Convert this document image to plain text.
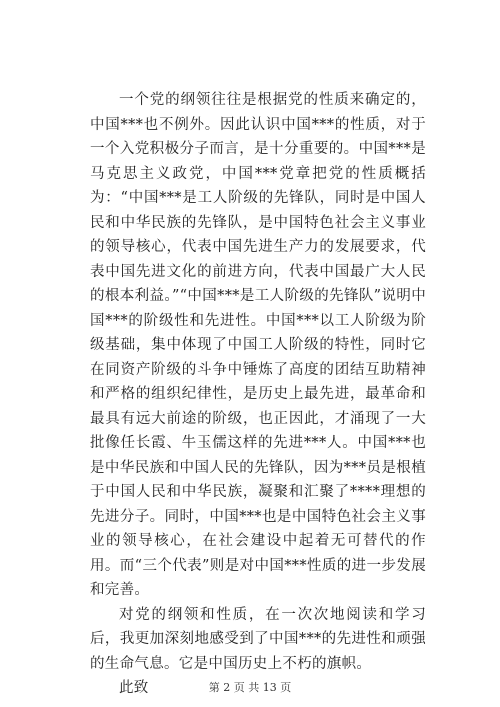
一个党的纲领往往是根据党的性质来确定的，中国***也不例外。因此认识中国***的性质，对于一个入党积极分子而言，是十分重要的。中国***是马克思主义政党，中国***党章把党的性质概括为：“中国***是工人阶级的先锋队，同时是中国人民和中华民族的先锋队，是中国特色社会主义事业的领导核心，代表中国先进生产力的发展要求，代表中国先进文化的前进方向，代表中国最广大人民的根本利益。”“中国***是工人阶级的先锋队”说明中国***的阶级性和先进性。中国***以工人阶级为阶级基础，集中体现了中国工人阶级的特性，同时它在同资产阶级的斗争中锤炼了高度的团结互助精神和严格的组织纪律性，是历史上最先进，最革命和最具有远大前途的阶级，也正因此，才涌现了一大批像任长霞、牛玉儒这样的先进***人。中国***也是中华民族和中国人民的先锋队，因为***员是根植于中国人民和中华民族，凝聚和汇聚了****理想的先进分子。同时，中国***也是中国特色社会主义事业的领导核心，在社会建设中起着无可替代的作用。而“三个代表”则是对中国***性质的进一步发展和完善。

对党的纲领和性质，在一次次地阅读和学习后，我更加深刻地感受到了中国***的先进性和顽强的生命气息。它是中国历史上不朽的旗帜。

此致	第 2 页 共 13 页
